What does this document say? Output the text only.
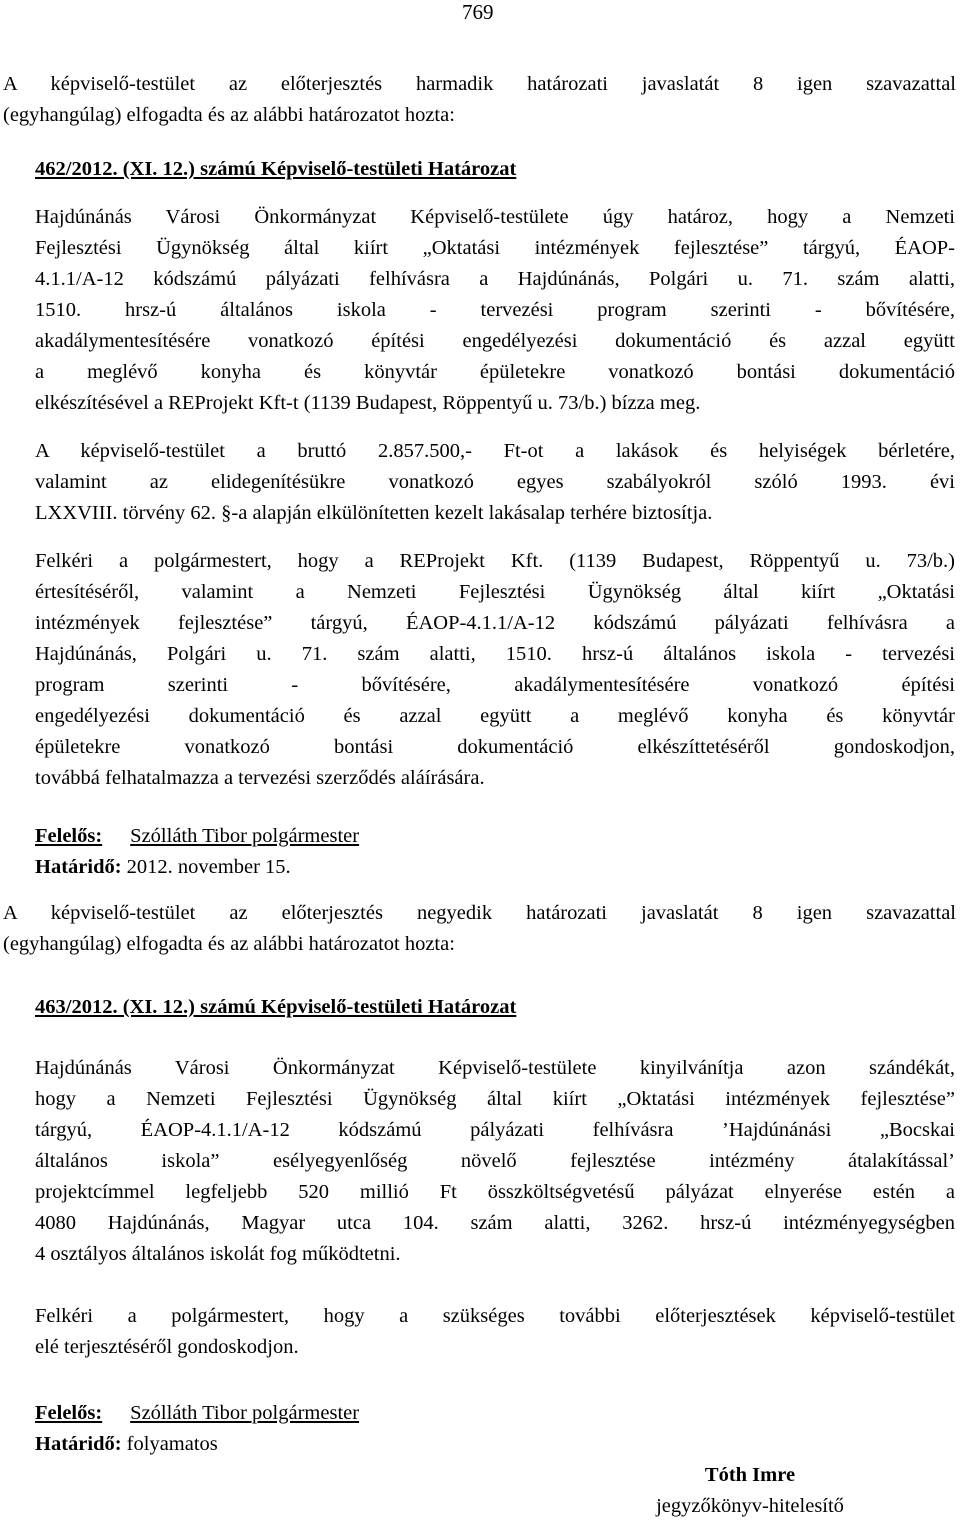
769
A képviselő-testület az előterjesztés harmadik határozati javaslatát 8 igen szavazattal
(egyhangúlag) elfogadta és az alábbi határozatot hozta:
462/2012. (XI. 12.) számú Képviselő-testületi Határozat
Hajdúnánás Városi Önkormányzat Képviselő-testülete úgy határoz, hogy a Nemzeti
Fejlesztési Ügynökség által kiírt „Oktatási intézmények fejlesztése” tárgyú, ÉAOP-
4.1.1/A-12 kódszámú pályázati felhívásra a Hajdúnánás, Polgári u. 71. szám alatti,
1510. hrsz-ú általános iskola - tervezési program szerinti - bővítésére,
akadálymentesítésére vonatkozó építési engedélyezési dokumentáció és azzal együtt
a meglévő konyha és könyvtár épületekre vonatkozó bontási dokumentáció
elkészítésével a REProjekt Kft-t (1139 Budapest, Röppentyű u. 73/b.) bízza meg.
A képviselő-testület a bruttó 2.857.500,- Ft-ot a lakások és helyiségek bérletére,
valamint az elidegenítésükre vonatkozó egyes szabályokról szóló 1993. évi
LXXVIII. törvény 62. §-a alapján elkülönítetten kezelt lakásalap terhére biztosítja.
Felkéri a polgármestert, hogy a REProjekt Kft. (1139 Budapest, Röppentyű u. 73/b.)
értesítéséről, valamint a Nemzeti Fejlesztési Ügynökség által kiírt „Oktatási
intézmények fejlesztése” tárgyú, ÉAOP-4.1.1/A-12 kódszámú pályázati felhívásra a
Hajdúnánás, Polgári u. 71. szám alatti, 1510. hrsz-ú általános iskola - tervezési
program szerinti - bővítésére, akadálymentesítésére vonatkozó építési
engedélyezési dokumentáció és azzal együtt a meglévő konyha és könyvtár
épületekre vonatkozó bontási dokumentáció elkészíttetéséről gondoskodjon,
továbbá felhatalmazza a tervezési szerződés aláírására.
Felelős: Szólláth Tibor polgármester
Határidő: 2012. november 15.
A képviselő-testület az előterjesztés negyedik határozati javaslatát 8 igen szavazattal
(egyhangúlag) elfogadta és az alábbi határozatot hozta:
463/2012. (XI. 12.) számú Képviselő-testületi Határozat
Hajdúnánás Városi Önkormányzat Képviselő-testülete kinyilvánítja azon szándékát,
hogy a Nemzeti Fejlesztési Ügynökség által kiírt „Oktatási intézmények fejlesztése”
tárgyú, ÉAOP-4.1.1/A-12 kódszámú pályázati felhívásra ’Hajdúnánási „Bocskai
általános iskola” esélyegyenlőség növelő fejlesztése intézmény átalakítással’
projektcímmel legfeljebb 520 millió Ft összköltségvetésű pályázat elnyerése estén a
4080 Hajdúnánás, Magyar utca 104. szám alatti, 3262. hrsz-ú intézményegységben
4 osztályos általános iskolát fog működtetni.
Felkéri a polgármestert, hogy a szükséges további előterjesztések képviselő-testület
elé terjesztéséről gondoskodjon.
Felelős: Szólláth Tibor polgármester
Határidő: folyamatos
Tóth Imre
jegyzőkönyv-hitelesítő
